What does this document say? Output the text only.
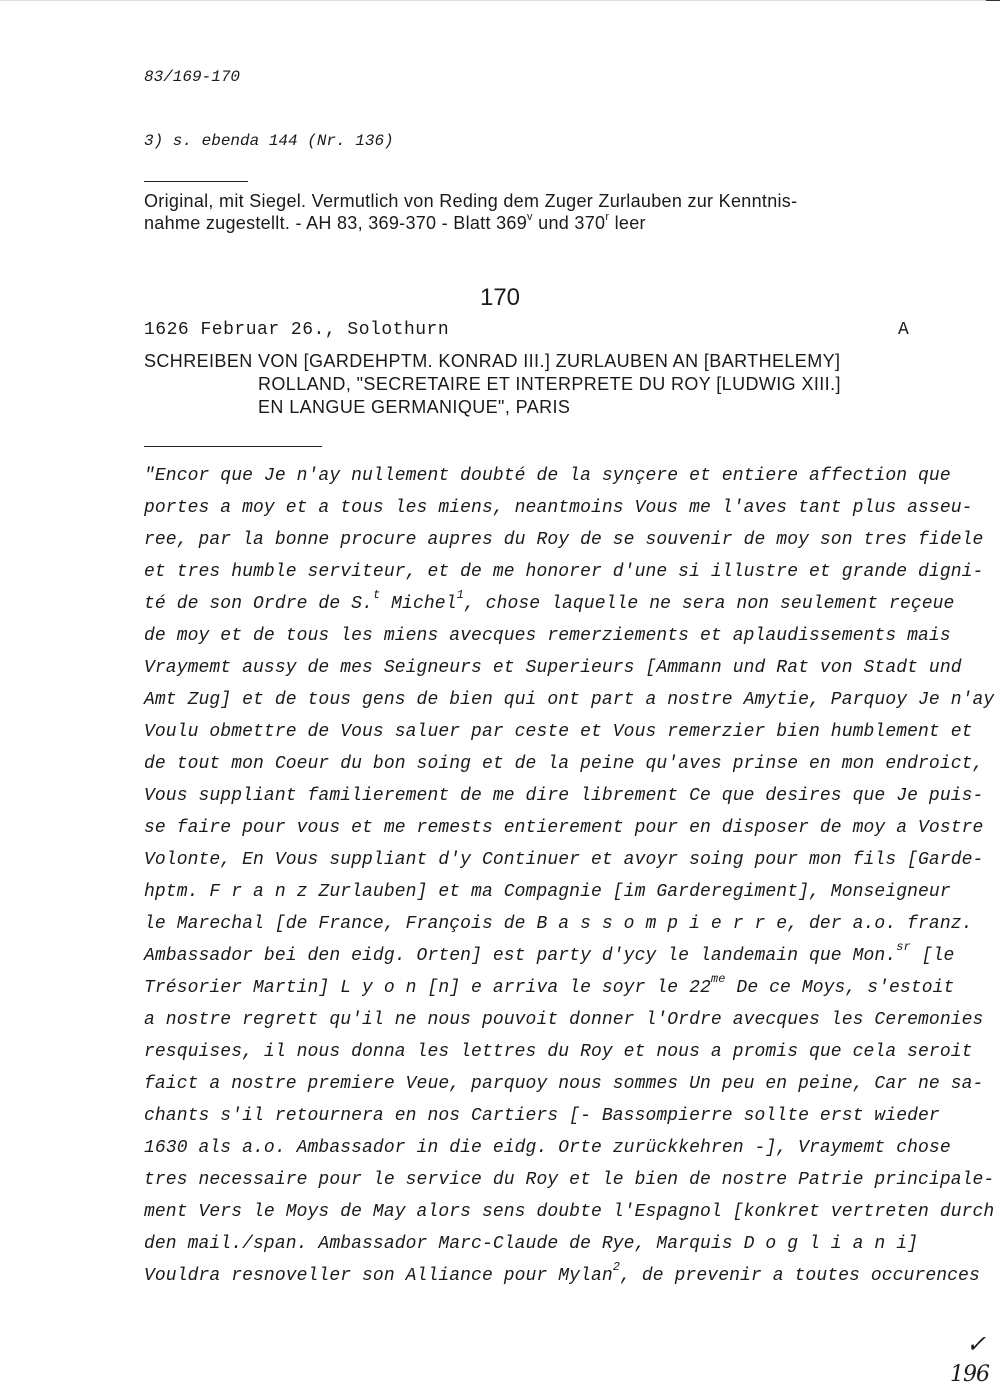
83/169-170

3) s. ebenda 144 (Nr. 136)

Original, mit Siegel. Vermutlich von Reding dem Zuger Zurlauben zur Kenntnis-

nahme zugestellt. - AH 83, 369-370 - Blatt 369$^v$ und 370$^r$ leer

170

1626 Februar 26., Solothurn	A

SCHREIBEN VON [GARDEHPTM. KONRAD III.] ZURLAUBEN AN [BARTHELEMY]

ROLLAND, "SECRETAIRE ET INTERPRETE DU ROY [LUDWIG XIII.]

EN LANGUE GERMANIQUE", PARIS

"Encor que Je n'ay nullement doubté de la synçere et entiere affection que

portes a moy et a tous les miens, neantmoins Vous me l'aves tant plus asseu-

ree, par la bonne procure aupres du Roy de se souvenir de moy son tres fidele

et tres humble serviteur, et de me honorer d'une si illustre et grande digni-

té de son Ordre de S.$^t$ Michel$^1$, chose laquelle ne sera non seulement reçeue

de moy et de tous les miens avecques remerziements et aplaudissements mais

Vraymemt aussy de mes Seigneurs et Superieurs [Ammann und Rat von Stadt und

Amt Zug] et de tous gens de bien qui ont part a nostre Amytie, Parquoy Je n'ay

Voulu obmettre de Vous saluer par ceste et Vous remerzier bien humblement et

de tout mon Coeur du bon soing et de la peine qu'aves prinse en mon endroict,

Vous suppliant familierement de me dire librement Ce que desires que Je puis-

se faire pour vous et me remests entierement pour en disposer de moy a Vostre

Volonte, En Vous suppliant d'y Continuer et avoyr soing pour mon fils [Garde-

hptm. F r a n z Zurlauben] et ma Compagnie [im Garderegiment], Monseigneur

le Marechal [de France, François de B a s s o m p i e r r e, der a.o. franz.

Ambassador bei den eidg. Orten] est party d'ycy le landemain que Mon.$^{sr}$ [le

Trésorier Martin] L y o n [n] e arriva le soyr le $22^{me}$ De ce Moys, s'estoit

a nostre regrett qu'il ne nous pouvoit donner l'Ordre avecques les Ceremonies

resquises, il nous donna les lettres du Roy et nous a promis que cela seroit

faict a nostre premiere Veue, parquoy nous sommes Un peu en peine, Car ne sa-

chants s'il retournera en nos Cartiers [- Bassompierre sollte erst wieder

1630 als a.o. Ambassador in die eidg. Orte zurückkehren -], Vraymemt chose

tres necessaire pour le service du Roy et le bien de nostre Patrie principale-

ment Vers le Moys de May alors sens doubte l'Espagnol [konkret vertreten durch

den mail./span. Ambassador Marc-Claude de Rye, Marquis D o g l i a n i]

Vouldra resnoveller son Alliance pour Mylan$^2$, de prevenir a toutes occurences

✓

196
